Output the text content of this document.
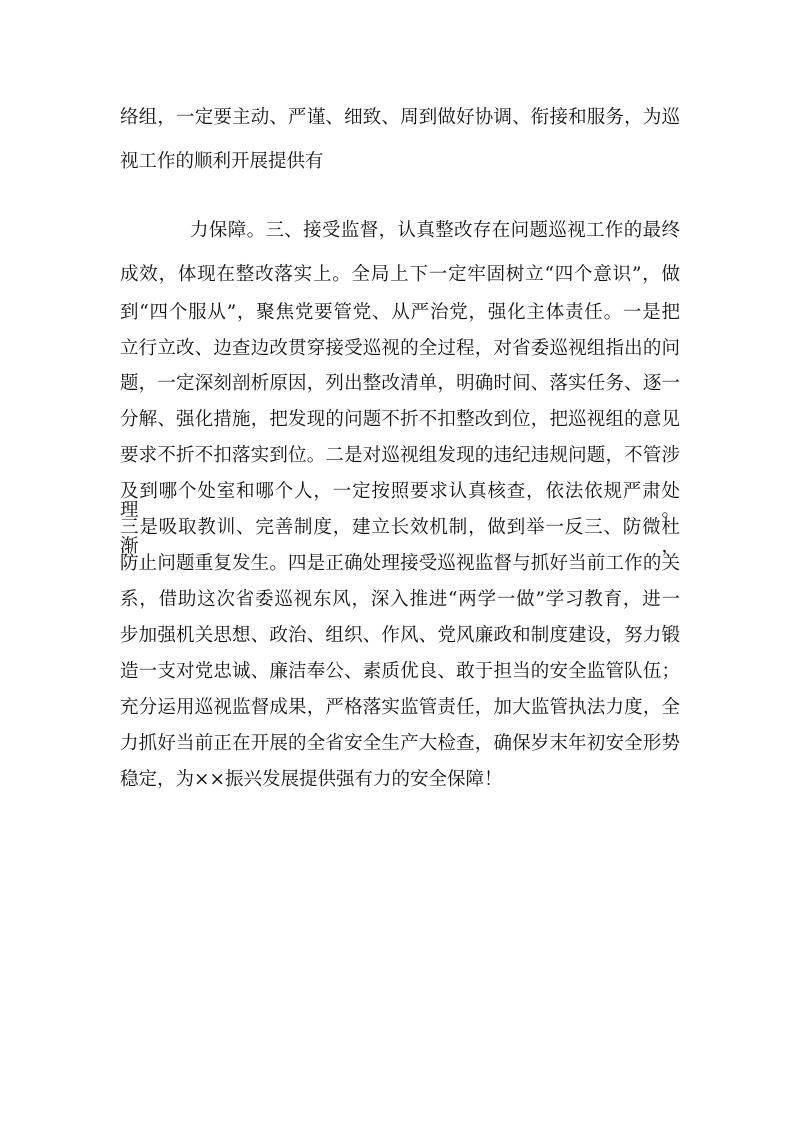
络组，一定要主动、严谨、细致、周到做好协调、衔接和服务，为巡
视工作的顺利开展提供有
力保障。三、接受监督，认真整改存在问题巡视工作的最终
成效，体现在整改落实上。全局上下一定牢固树立“四个意识”，做
到“四个服从”，聚焦党要管党、从严治党，强化主体责任。一是把
立行立改、边查边改贯穿接受巡视的全过程，对省委巡视组指出的问
题，一定深刻剖析原因，列出整改清单，明确时间、落实任务、逐一
分解、强化措施，把发现的问题不折不扣整改到位，把巡视组的意见
要求不折不扣落实到位。二是对巡视组发现的违纪违规问题，不管涉
及到哪个处室和哪个人，一定按照要求认真核查，依法依规严肃处理。
三是吸取教训、完善制度，建立长效机制，做到举一反三、防微杜渐，
防止问题重复发生。四是正确处理接受巡视监督与抓好当前工作的关
系，借助这次省委巡视东风，深入推进“两学一做”学习教育，进一
步加强机关思想、政治、组织、作风、党风廉政和制度建设，努力锻
造一支对党忠诚、廉洁奉公、素质优良、敢于担当的安全监管队伍；
充分运用巡视监督成果，严格落实监管责任，加大监管执法力度，全
力抓好当前正在开展的全省安全生产大检查，确保岁末年初安全形势
稳定，为××振兴发展提供强有力的安全保障！
